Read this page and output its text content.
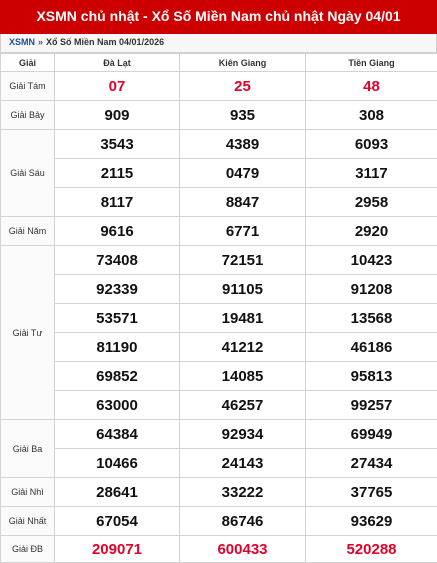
XSMN chủ nhật - Xổ Số Miền Nam chủ nhật Ngày 04/01
XSMN » Xổ Số Miền Nam 04/01/2026
Giải	Đà Lạt	Kiên Giang	Tiền Giang
Giải Tám	07	25	48
Giải Bảy	909	935	308
Giải Sáu	3543	4389	6093
	2115	0479	3117
	8117	8847	2958
Giải Năm	9616	6771	2920
Giải Tư	73408	72151	10423
	92339	91105	91208
	53571	19481	13568
	81190	41212	46186
	69852	14085	95813
	63000	46257	99257
Giải Ba	64384	92934	69949
	10466	24143	27434
Giải Nhì	28641	33222	37765
Giải Nhất	67054	86746	93629
Giải ĐB	209071	600433	520288
